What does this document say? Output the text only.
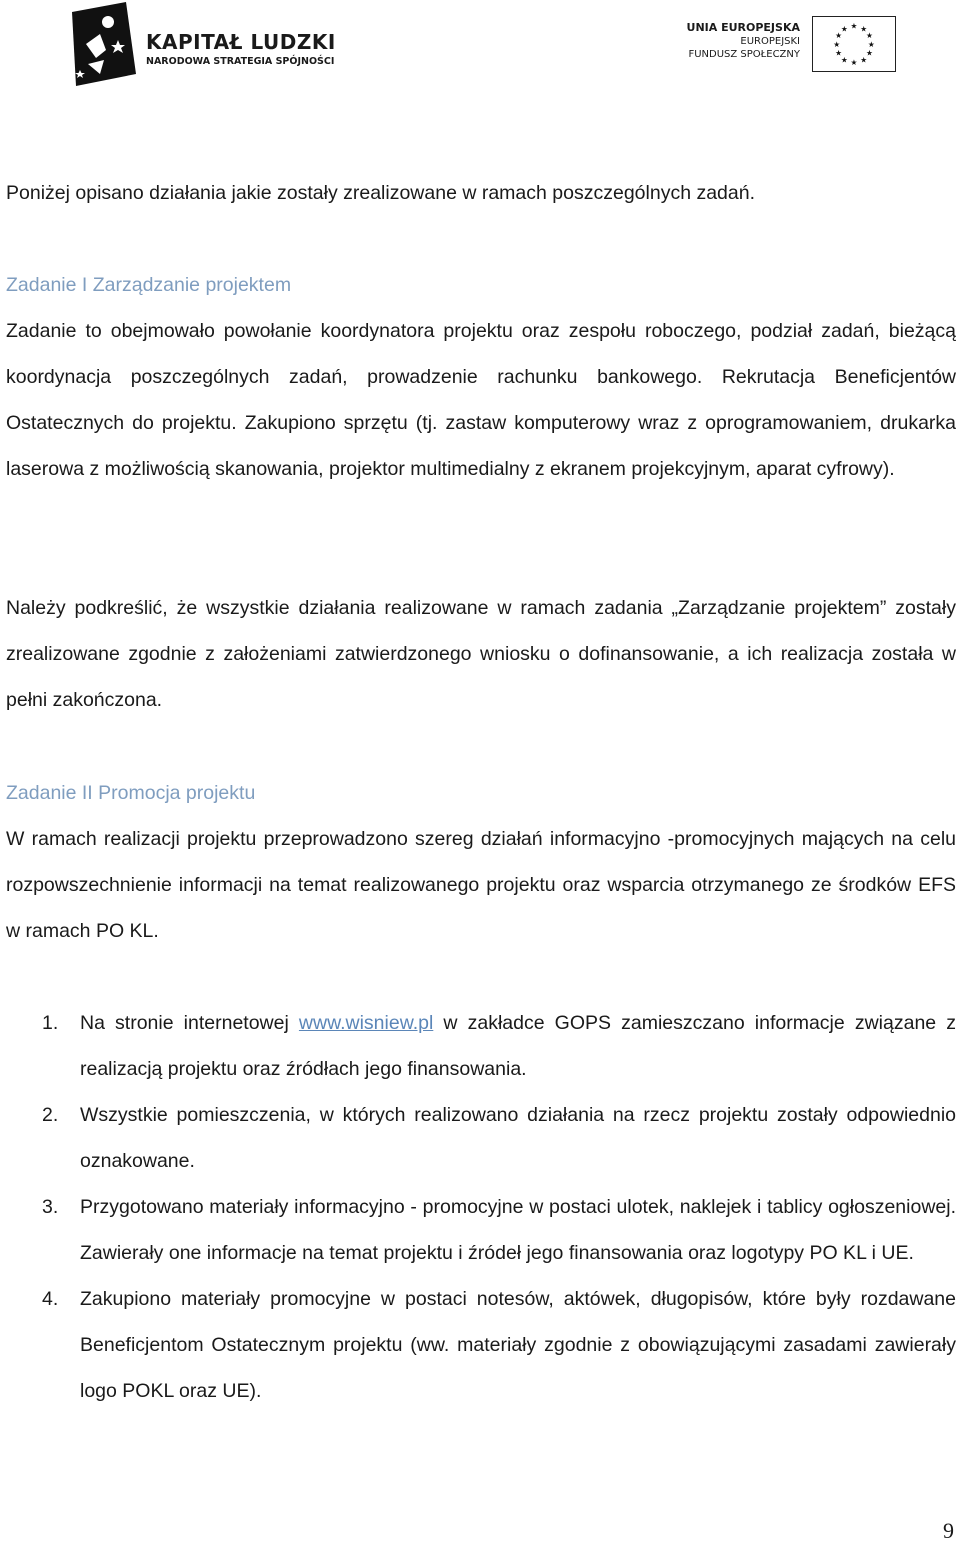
KAPITAŁ LUDZKI
NARODOWA STRATEGIA SPÓJNOŚCI
UNIA EUROPEJSKA
EUROPEJSKI
FUNDUSZ SPOŁECZNY
★ ★
★
★
★
★
★
★
★
★
★
★
Poniżej opisano działania jakie zostały zrealizowane w ramach poszczególnych zadań.
Zadanie I Zarządzanie projektem
Zadanie to obejmowało powołanie koordynatora projektu oraz zespołu roboczego, podział zadań, bieżącą koordynacja poszczególnych zadań, prowadzenie rachunku bankowego. Rekrutacja Beneficjentów Ostatecznych do projektu. Zakupiono sprzętu (tj. zastaw komputerowy wraz z oprogramowaniem, drukarka laserowa z możliwością skanowania, projektor multimedialny z ekranem projekcyjnym, aparat cyfrowy).
Należy podkreślić, że wszystkie działania realizowane w ramach zadania „Zarządzanie projektem” zostały zrealizowane zgodnie z założeniami zatwierdzonego wniosku o dofinansowanie, a ich realizacja została w pełni zakończona.
Zadanie II Promocja projektu
W ramach realizacji projektu przeprowadzono szereg działań informacyjno -promocyjnych mających na celu rozpowszechnienie informacji na temat realizowanego projektu oraz wsparcia otrzymanego ze środków EFS w ramach PO KL.
1. Na stronie internetowej www.wisniew.pl w zakładce GOPS zamieszczano informacje związane z realizacją projektu oraz źródłach jego finansowania.
2. Wszystkie pomieszczenia, w których realizowano działania na rzecz projektu zostały odpowiednio oznakowane.
3. Przygotowano materiały informacyjno - promocyjne w postaci ulotek, naklejek i tablicy ogłoszeniowej. Zawierały one informacje na temat projektu i źródeł jego finansowania oraz logotypy PO KL i UE.
4. Zakupiono materiały promocyjne w postaci notesów, aktówek, długopisów, które były rozdawane Beneficjentom Ostatecznym projektu (ww. materiały zgodnie z obowiązującymi zasadami zawierały logo POKL oraz UE).
9
